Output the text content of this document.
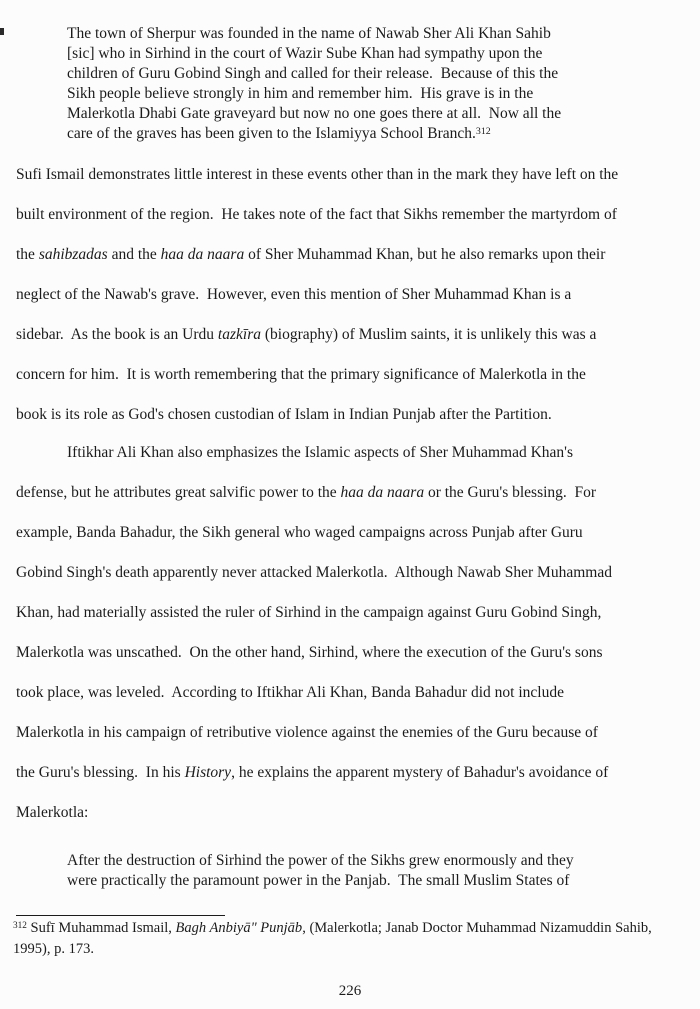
The town of Sherpur was founded in the name of Nawab Sher Ali Khan Sahib
[sic] who in Sirhind in the court of Wazir Sube Khan had sympathy upon the
children of Guru Gobind Singh and called for their release.  Because of this the
Sikh people believe strongly in him and remember him.  His grave is in the
Malerkotla Dhabi Gate graveyard but now no one goes there at all.  Now all the
care of the graves has been given to the Islamiyya School Branch.$^{312}$
Sufi Ismail demonstrates little interest in these events other than in the mark they have left on the
built environment of the region.  He takes note of the fact that Sikhs remember the martyrdom of
the sahibzadas and the haa da naara of Sher Muhammad Khan, but he also remarks upon their
neglect of the Nawab's grave.  However, even this mention of Sher Muhammad Khan is a
sidebar.  As the book is an Urdu tazkīra (biography) of Muslim saints, it is unlikely this was a
concern for him.  It is worth remembering that the primary significance of Malerkotla in the
book is its role as God's chosen custodian of Islam in Indian Punjab after the Partition.
Iftikhar Ali Khan also emphasizes the Islamic aspects of Sher Muhammad Khan's
defense, but he attributes great salvific power to the haa da naara or the Guru's blessing.  For
example, Banda Bahadur, the Sikh general who waged campaigns across Punjab after Guru
Gobind Singh's death apparently never attacked Malerkotla.  Although Nawab Sher Muhammad
Khan, had materially assisted the ruler of Sirhind in the campaign against Guru Gobind Singh,
Malerkotla was unscathed.  On the other hand, Sirhind, where the execution of the Guru's sons
took place, was leveled.  According to Iftikhar Ali Khan, Banda Bahadur did not include
Malerkotla in his campaign of retributive violence against the enemies of the Guru because of
the Guru's blessing.  In his History, he explains the apparent mystery of Bahadur's avoidance of
Malerkotla:
After the destruction of Sirhind the power of the Sikhs grew enormously and they
were practically the paramount power in the Panjab.  The small Muslim States of
$^{312}$ Sufī Muhammad Ismail, Bagh Anbiyā" Punjāb, (Malerkotla; Janab Doctor Muhammad Nizamuddin Sahib,
1995), p. 173.
226
